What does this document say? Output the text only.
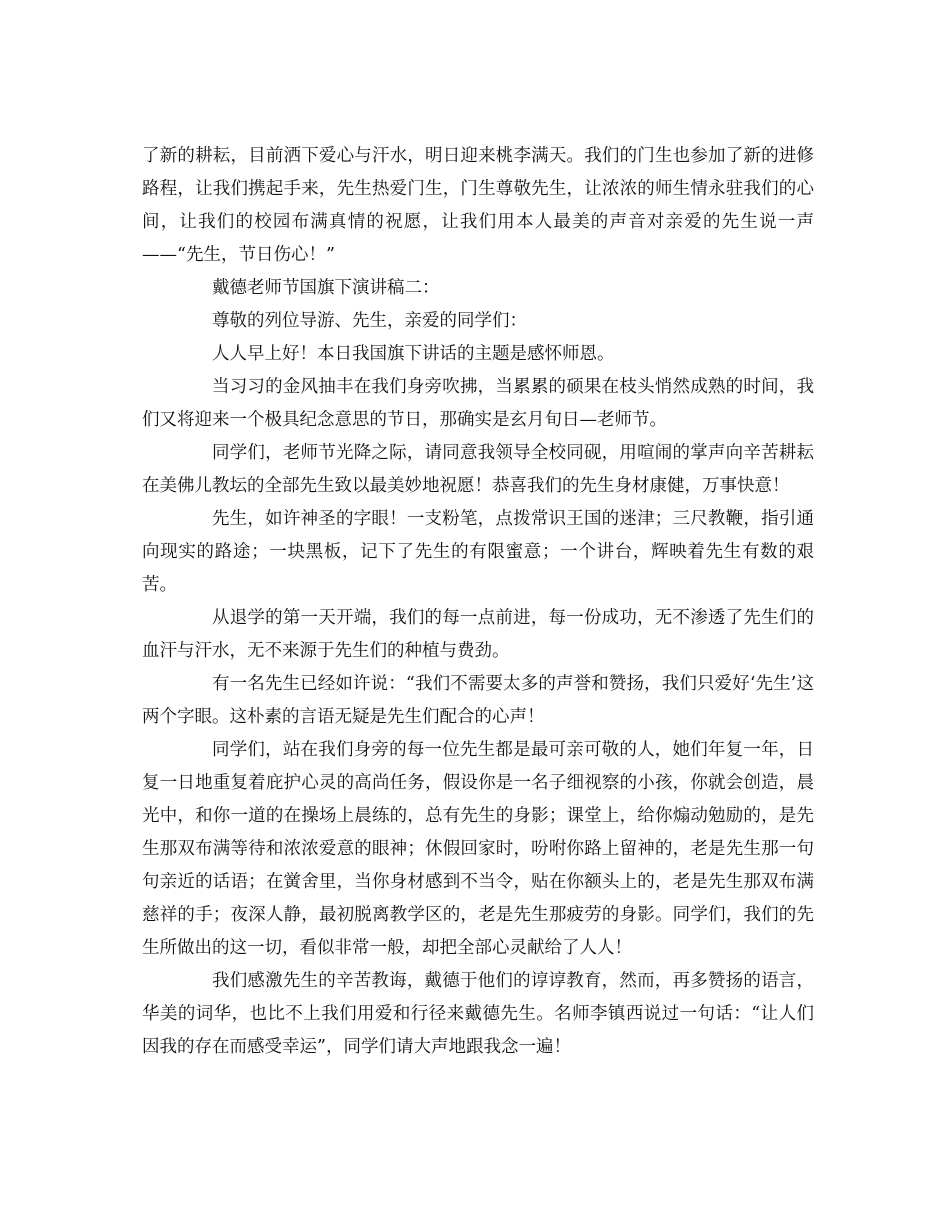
了新的耕耘，目前洒下爱心与汗水，明日迎来桃李满天。我们的门生也参加了新的进修路程，让我们携起手来，先生热爱门生，门生尊敬先生，让浓浓的师生情永驻我们的心间，让我们的校园布满真情的祝愿，让我们用本人最美的声音对亲爱的先生说一声——“先生，节日伤心！”

戴德老师节国旗下演讲稿二：

尊敬的列位导游、先生，亲爱的同学们：

人人早上好！本日我国旗下讲话的主题是感怀师恩。

当习习的金风抽丰在我们身旁吹拂，当累累的硕果在枝头悄然成熟的时间，我们又将迎来一个极具纪念意思的节日，那确实是玄月旬日—老师节。

同学们，老师节光降之际，请同意我领导全校同砚，用喧闹的掌声向辛苦耕耘在美佛儿教坛的全部先生致以最美妙地祝愿！恭喜我们的先生身材康健，万事快意！

先生，如许神圣的字眼！一支粉笔，点拨常识王国的迷津；三尺教鞭，指引通向现实的路途；一块黑板，记下了先生的有限蜜意；一个讲台，辉映着先生有数的艰苦。

从退学的第一天开端，我们的每一点前进，每一份成功，无不渗透了先生们的血汗与汗水，无不来源于先生们的种植与费劲。

有一名先生已经如许说：“我们不需要太多的声誉和赞扬，我们只爱好‘先生’这两个字眼。这朴素的言语无疑是先生们配合的心声！

同学们，站在我们身旁的每一位先生都是最可亲可敬的人，她们年复一年，日复一日地重复着庇护心灵的高尚任务，假设你是一名子细视察的小孩，你就会创造，晨光中，和你一道的在操场上晨练的，总有先生的身影；课堂上，给你煽动勉励的，是先生那双布满等待和浓浓爱意的眼神；休假回家时，吩咐你路上留神的，老是先生那一句句亲近的话语；在黉舍里，当你身材感到不当令，贴在你额头上的，老是先生那双布满慈祥的手；夜深人静，最初脱离教学区的，老是先生那疲劳的身影。同学们，我们的先生所做出的这一切，看似非常一般，却把全部心灵献给了人人！

我们感激先生的辛苦教诲，戴德于他们的谆谆教育，然而，再多赞扬的语言，华美的词华，也比不上我们用爱和行径来戴德先生。名师李镇西说过一句话：“让人们因我的存在而感受幸运”，同学们请大声地跟我念一遍！
